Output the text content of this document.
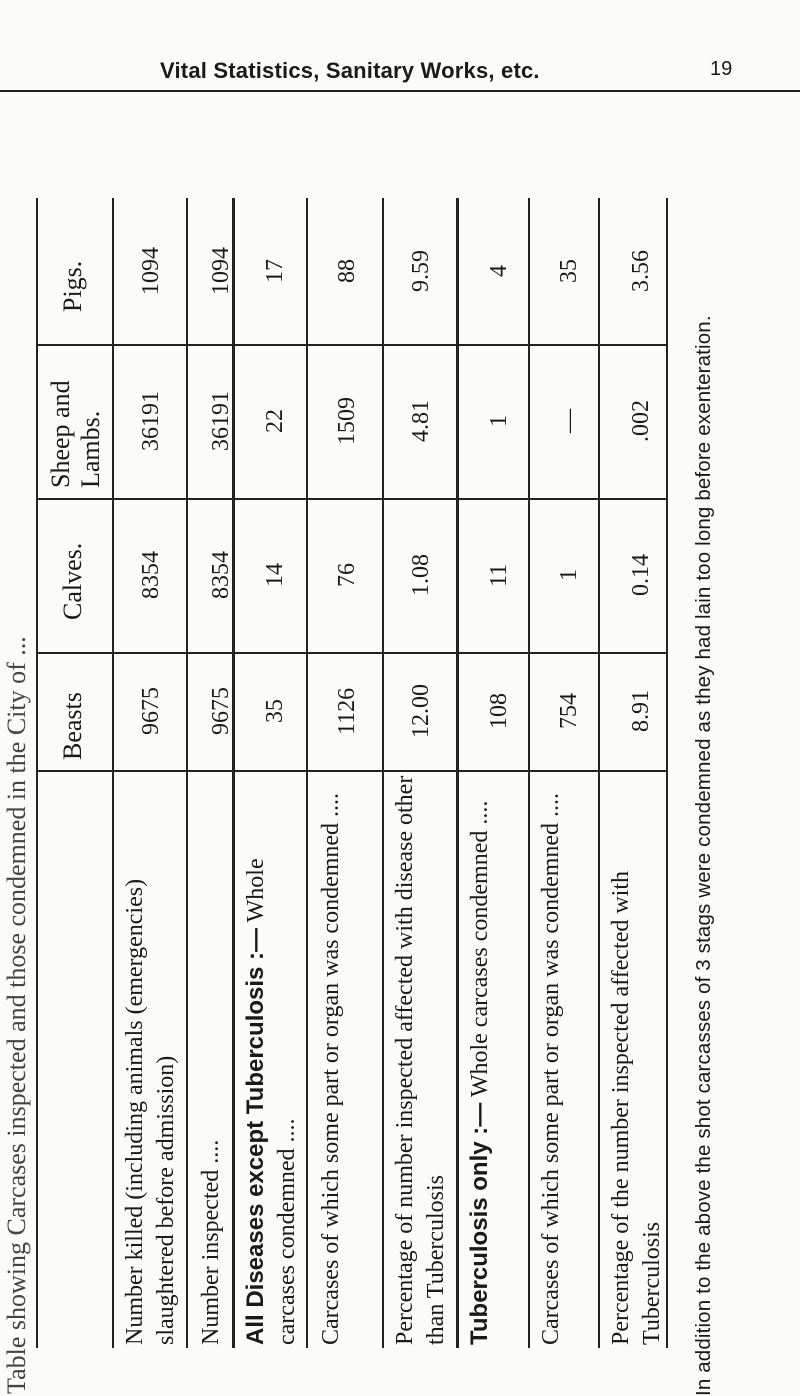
Vital Statistics, Sanitary Works, etc.	19
Table showing Carcases inspected and those condemned in the City of ...
Pigs.
Sheep and Lambs.
Calves.
Beasts
Number killed (including animals (emergencies) slaughtered before admission) Number inspected .... All Diseases except Tuberculosis :— Whole carcases condemned .... Carcases of which some part or organ was condemned .... Percentage of number inspected affected with disease other than Tuberculosis Tuberculosis only :— Whole carcases condemned .... Carcases of which some part or organ was condemned .... Percentage of the number inspected affected with Tuberculosis
9675
8354
36191
1094
9675
8354
36191
1094
35
14
22
17
1126
76
1509
88
12.00
1.08
4.81
9.59
108
11
1
4
754
1
—
35
8.91
0.14
.002
3.56
In addition to the above the shot carcasses of 3 stags were condemned as they had lain too long before exenteration.
